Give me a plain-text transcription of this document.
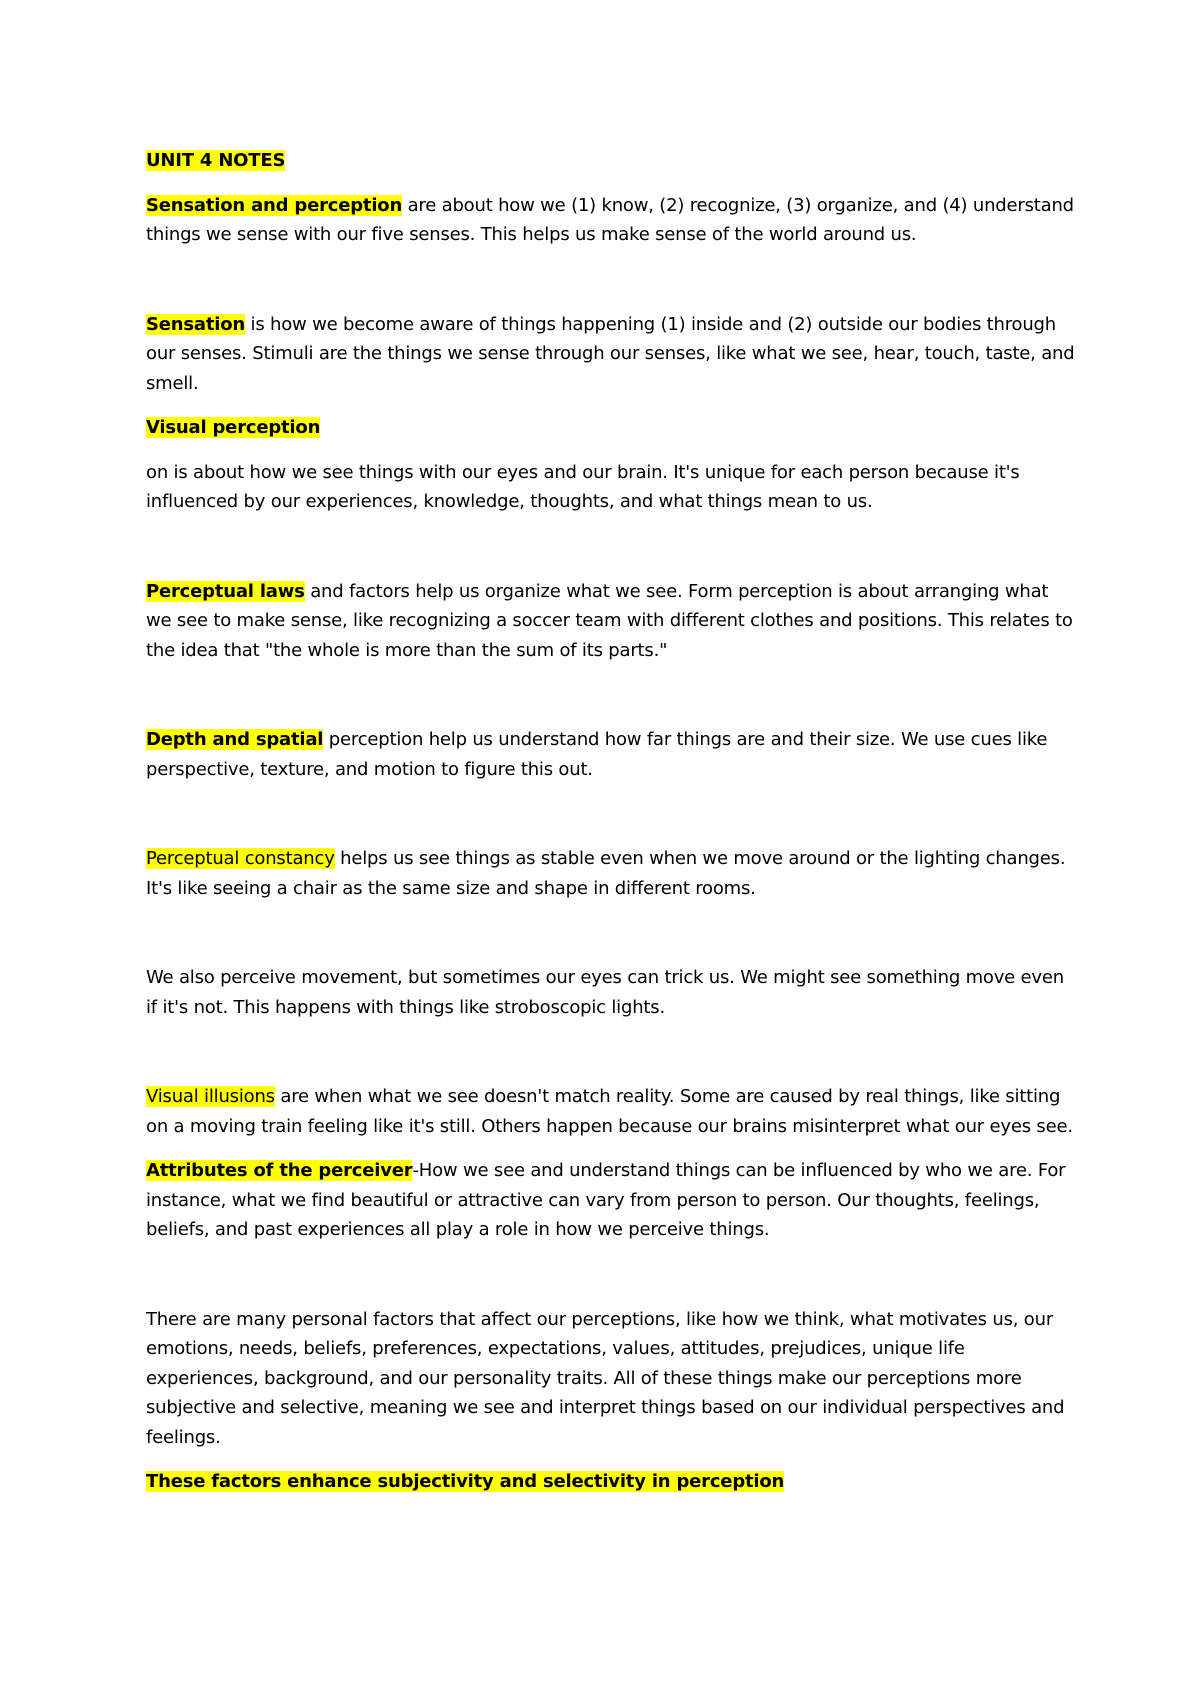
UNIT 4 NOTES

Sensation and perception are about how we (1) know, (2) recognize, (3) organize, and (4) understand things we sense with our five senses. This helps us make sense of the world around us.

Sensation is how we become aware of things happening (1) inside and (2) outside our bodies through our senses. Stimuli are the things we sense through our senses, like what we see, hear, touch, taste, and smell.

Visual perception

on is about how we see things with our eyes and our brain. It's unique for each person because it's influenced by our experiences, knowledge, thoughts, and what things mean to us.

Perceptual laws and factors help us organize what we see. Form perception is about arranging what we see to make sense, like recognizing a soccer team with different clothes and positions. This relates to the idea that "the whole is more than the sum of its parts."

Depth and spatial perception help us understand how far things are and their size. We use cues like perspective, texture, and motion to figure this out.

Perceptual constancy helps us see things as stable even when we move around or the lighting changes. It's like seeing a chair as the same size and shape in different rooms.

We also perceive movement, but sometimes our eyes can trick us. We might see something move even if it's not. This happens with things like stroboscopic lights.

Visual illusions are when what we see doesn't match reality. Some are caused by real things, like sitting on a moving train feeling like it's still. Others happen because our brains misinterpret what our eyes see.

Attributes of the perceiver-How we see and understand things can be influenced by who we are. For instance, what we find beautiful or attractive can vary from person to person. Our thoughts, feelings, beliefs, and past experiences all play a role in how we perceive things.

There are many personal factors that affect our perceptions, like how we think, what motivates us, our emotions, needs, beliefs, preferences, expectations, values, attitudes, prejudices, unique life experiences, background, and our personality traits. All of these things make our perceptions more subjective and selective, meaning we see and interpret things based on our individual perspectives and feelings.

These factors enhance subjectivity and selectivity in perception
